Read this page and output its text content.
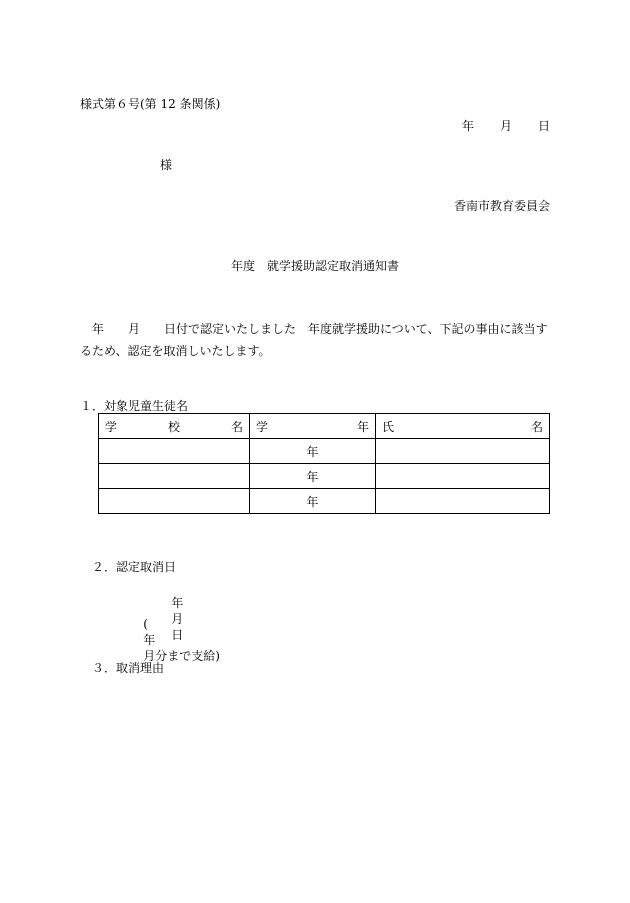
様式第６号(第 12 条関係)
年 月 日
様
香南市教育委員会
年度　就学援助認定取消通知書
年　　月　　日付で認定いたしました　年度就学援助について、下記の事由に該当するため、認定を取消しいたします。
１．対象児童生徒名
学 校 名	学 年	氏 名

	年	
	年	
	年	
２．認定取消日

年
月
日

(
年
月分まで支給)

３．取消理由
